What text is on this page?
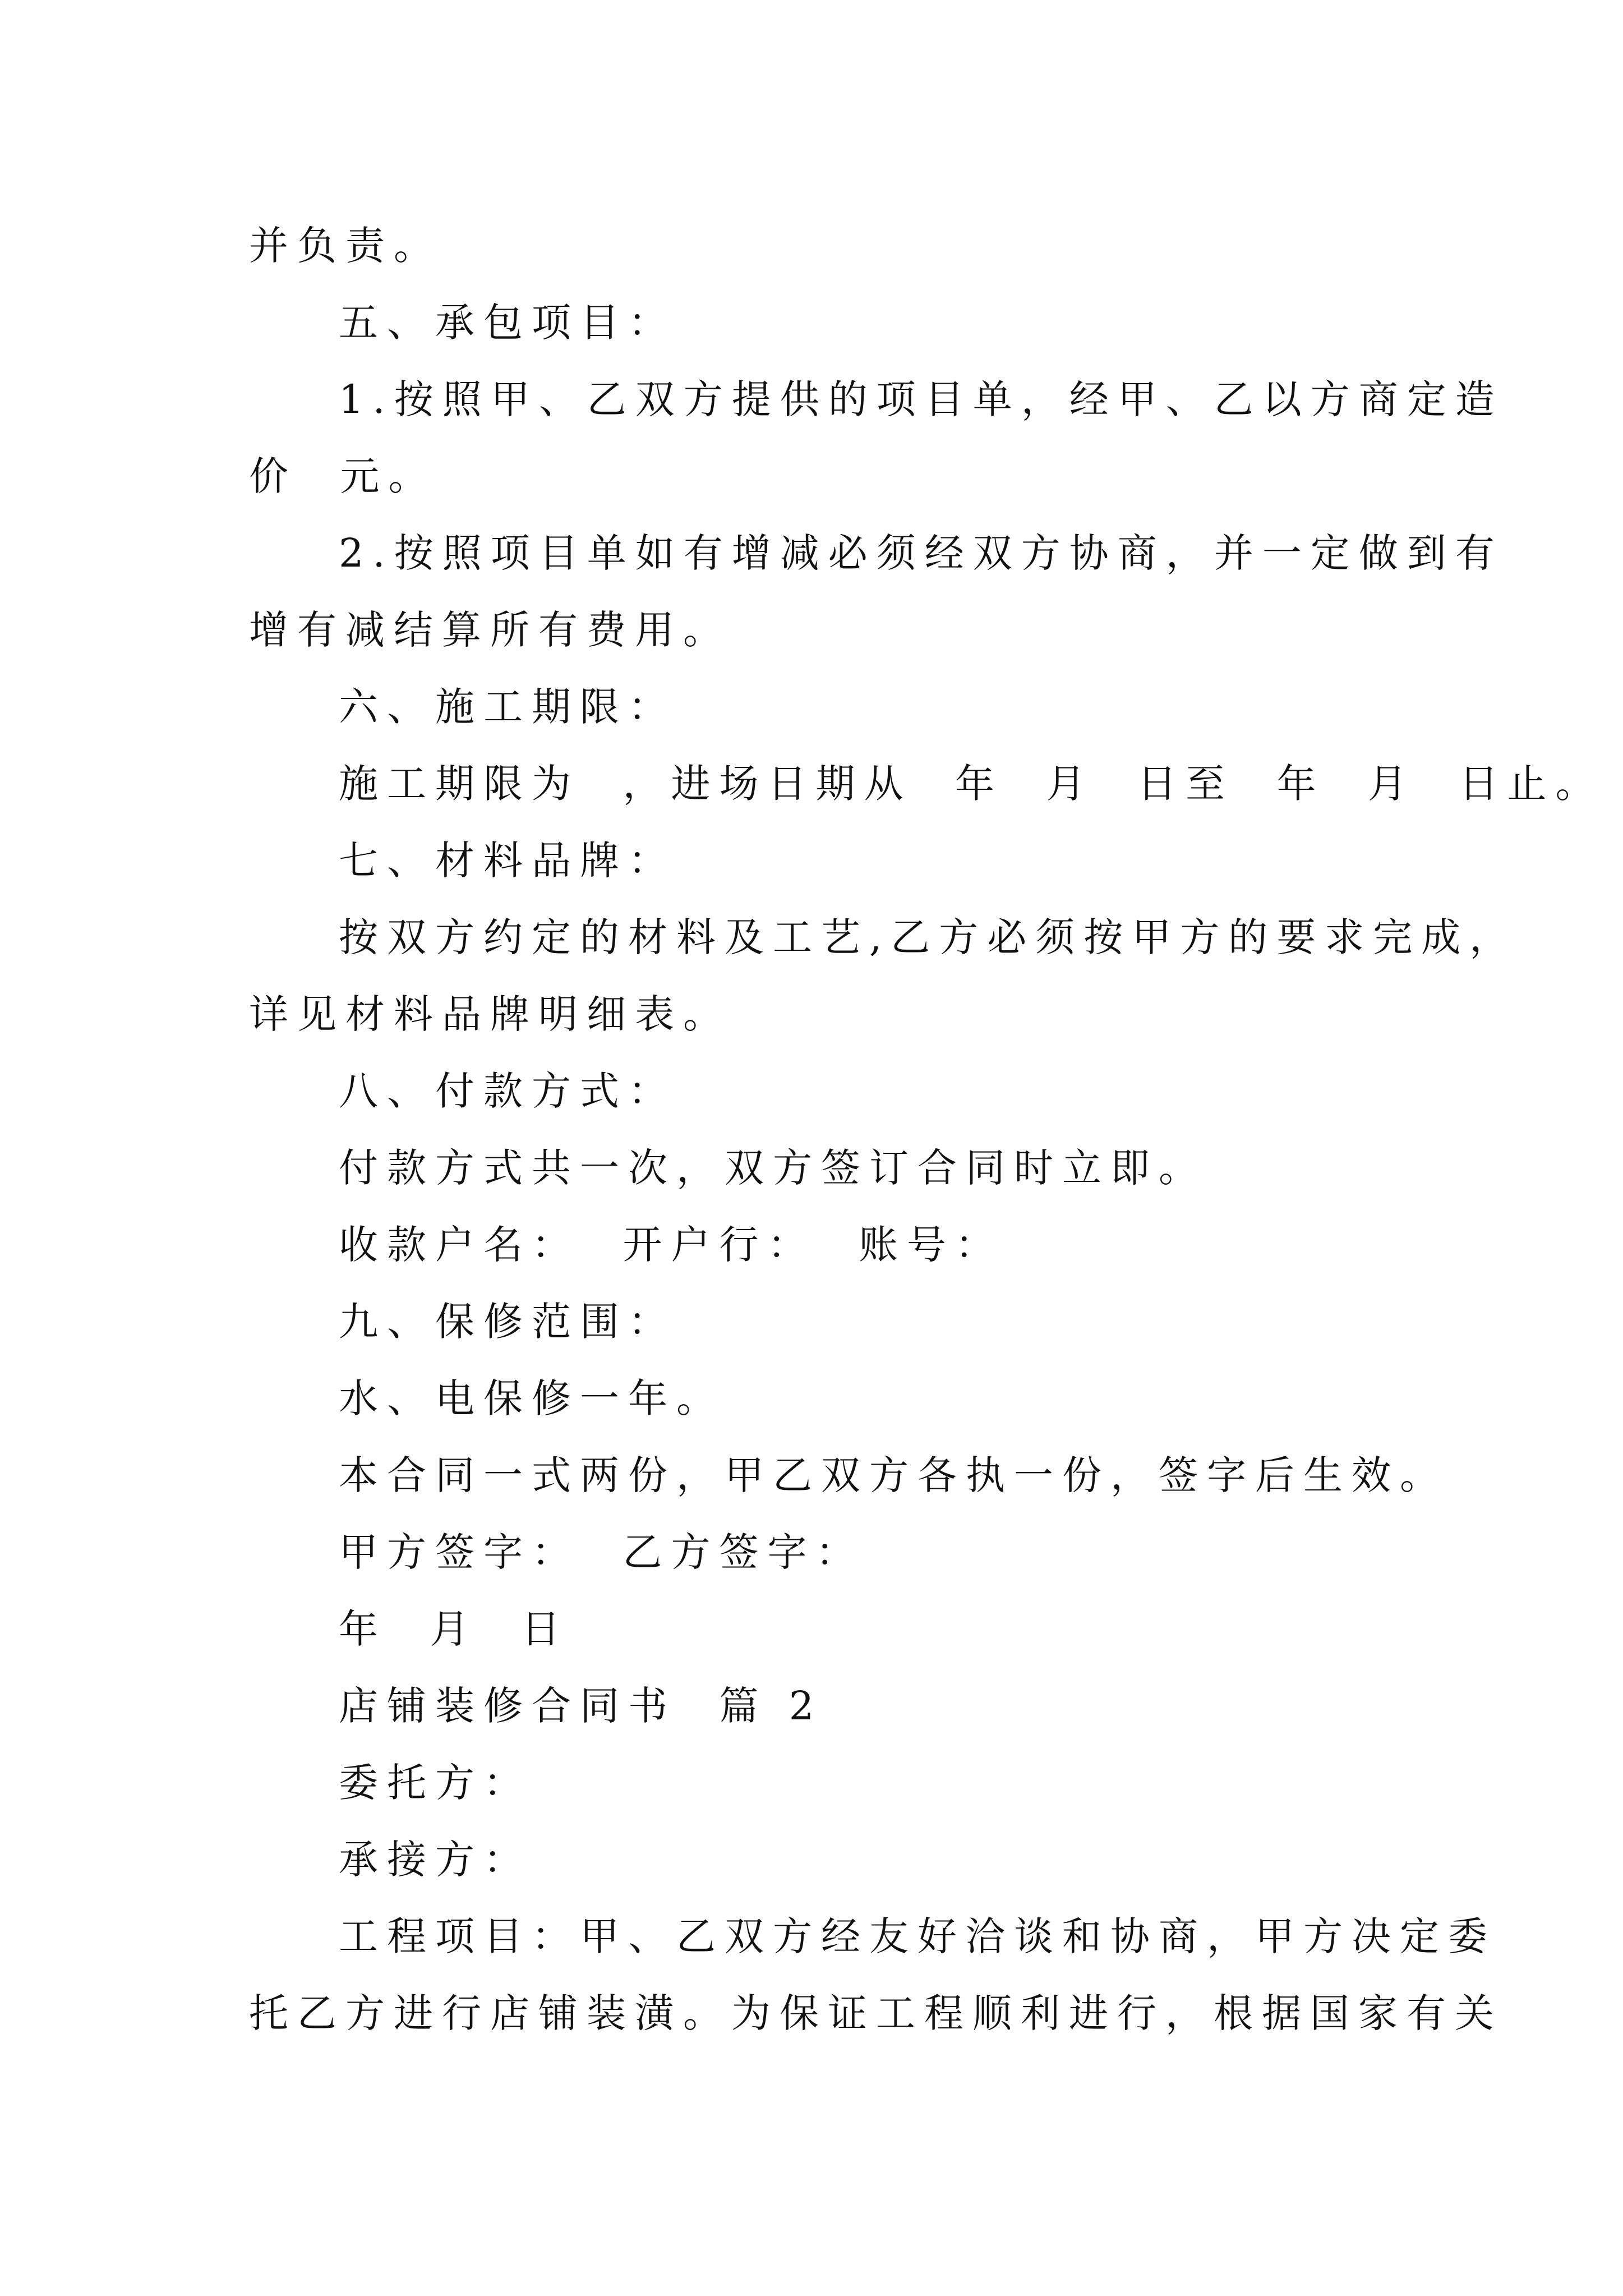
并负责。
五、承包项目：
1.按照甲、乙双方提供的项目单，经甲、乙以方商定造
价  元。
2.按照项目单如有增减必须经双方协商，并一定做到有
增有减结算所有费用。
六、施工期限：
施工期限为  ，进场日期从  年  月  日至  年  月  日止。
七、材料品牌：
按双方约定的材料及工艺,乙方必须按甲方的要求完成，
详见材料品牌明细表。
八、付款方式：
付款方式共一次，双方签订合同时立即。
收款户名：  开户行：  账号：
九、保修范围：
水、电保修一年。
本合同一式两份，甲乙双方各执一份，签字后生效。
甲方签字：  乙方签字：
年  月  日
店铺装修合同书  篇 2
委托方：
承接方：
工程项目：甲、乙双方经友好洽谈和协商，甲方决定委
托乙方进行店铺装潢。为保证工程顺利进行，根据国家有关
